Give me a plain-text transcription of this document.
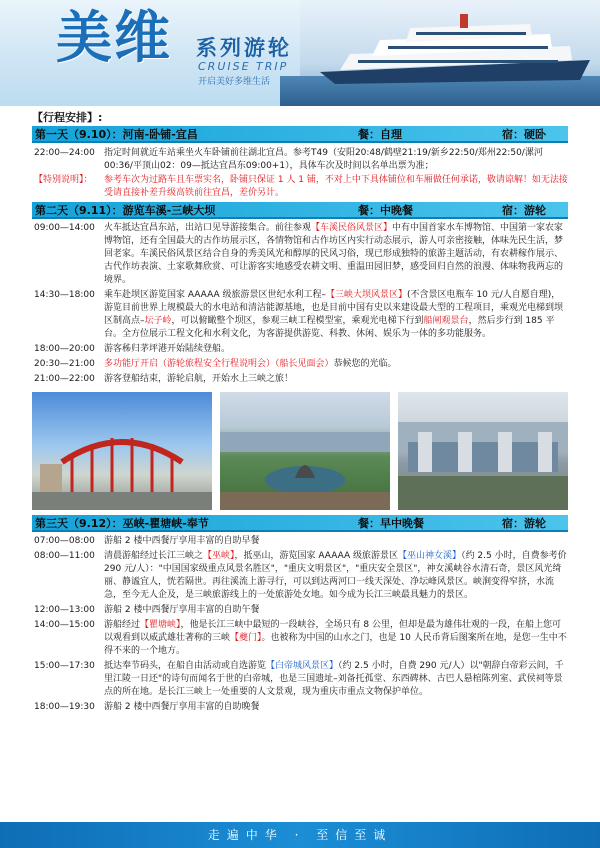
美维 系列游轮
CRUISE TRIP
开启美好多维生活
【行程安排】:
第一天（9.10）：河南-卧铺-宜昌	餐：自理	宿：硬卧
22:00—24:00	指定时间就近车站乘坐火车卧铺前往湖北宜昌。参考T49（安阳20:48/鹤壁21:19/新乡22:50/郑州22:50/漯河00:36/平顶山02：09—抵达宜昌东09:00+1），具体车次及时间以名单出票为准；
【特别说明】：	参考车次为过路车且车票实名，卧铺只保证 1 人 1 铺，不对上中下具体铺位和车厢做任何承诺，敬请谅解！如无法接受请直接补差升级高铁前往宜昌，差价另计。
第二天（9.11）：游览车溪-三峡大坝	餐：中晚餐	宿：游轮
09:00—14:00	火车抵达宜昌东站，出站口见导游接集合。前往参观【车溪民俗风景区】中有中国首家水车博物馆、中国第一家农家博物馆，还有全国最大的古作坊展示区，各情物馆和古作坊区内实行动态展示，游人可亲密接触，体味先民生活，梦回老家。车溪民俗风景区结合自身的秀美风光和醇厚的民风习俗，现已形成独特的旅游主题活动，有农耕稼作展示、古代作坊表演、土家歌舞欣赏、可让游客实地感受农耕文明、重温田园旧梦，感受回归自然的浪漫、体味物我两忘的境界。
14:30—18:00	乘车赴坝区游览国家 AAAAA 级旅游景区世纪水利工程–【三峡大坝风景区】(不含景区电瓶车 10 元/人自愿自理)，游览目前世界上规模最大的水电站和清洁能源基地，也是目前中国有史以来建设最大型的工程项目，乘观光电梯到坝区制高点–坛子岭，可以俯瞰整个坝区，参观三峡工程模型室，乘观光电梯下行到船闸观景台，然后步行到 185 平台。全方位展示工程文化和水利文化，为客游提供游览、科教、休闲、娱乐为一体的多功能服务。
18:00—20:00	游客秭归茅坪港开始陆续登船。
20:30—21:00	多功能厅开启（游轮旅程安全行程说明会）（船长见面会）恭候您的光临。
21:00—22:00	游客登船结束，游轮启航，开始水上三峡之旅！
第三天（9.12）：巫峡-瞿塘峡-奉节	餐：早中晚餐	宿：游轮
07:00—08:00	游船 2 楼中西餐厅享用丰富的自助早餐
08:00—11:00	清晨游船经过长江三峡之【巫峡】，抵巫山，游览国家 AAAAA 级旅游景区【巫山神女溪】（约 2.5 小时，自费参考价 290 元/人）："中国国家级重点风景名胜区"，"重庆文明景区"，"重庆安全景区"，神女溪峡谷水清石奇，景区风光绮丽、静谧宜人，恍若隔世。再往溪流上游寻行，可以到达两河口一线天深处、净坛峰风景区。峡涧变得窄挤，水流急，至今无人企及，是三峡旅游线上的一处旅游处女地。如今成为长江三峡最具魅力的景区。
12:00—13:00	游船 2 楼中西餐厅享用丰富的自助午餐
14:00—15:00	游船经过【瞿塘峡】，他是长江三峡中最短的一段峡谷，全场只有 8 公里，但却是最为雄伟壮观的一段，在船上您可以观看到以威武雄壮著称的三峡【夔门】。也被称为中国的山水之门，也是 10 人民币背后图案所在地，是您一生中不得不来的一个地方。
15:00—17:30	抵达奉节码头，在船自由活动或自选游览【白帝城风景区】（约 2.5 小时，自费 290 元/人）以"朝辞白帝彩云间，千里江陵一日还"的诗句而闻名于世的白帝城，也是三国遗址–刘备托孤堂、东西碑林、古巴人悬棺陈列室、武侯祠等景点的所在地。是长江三峡上一处重要的人文景观，现为重庆市重点文物保护单位。
18:00—19:30	游船 2 楼中西餐厅享用丰富的自助晚餐
走遍中华 · 至信至诚
